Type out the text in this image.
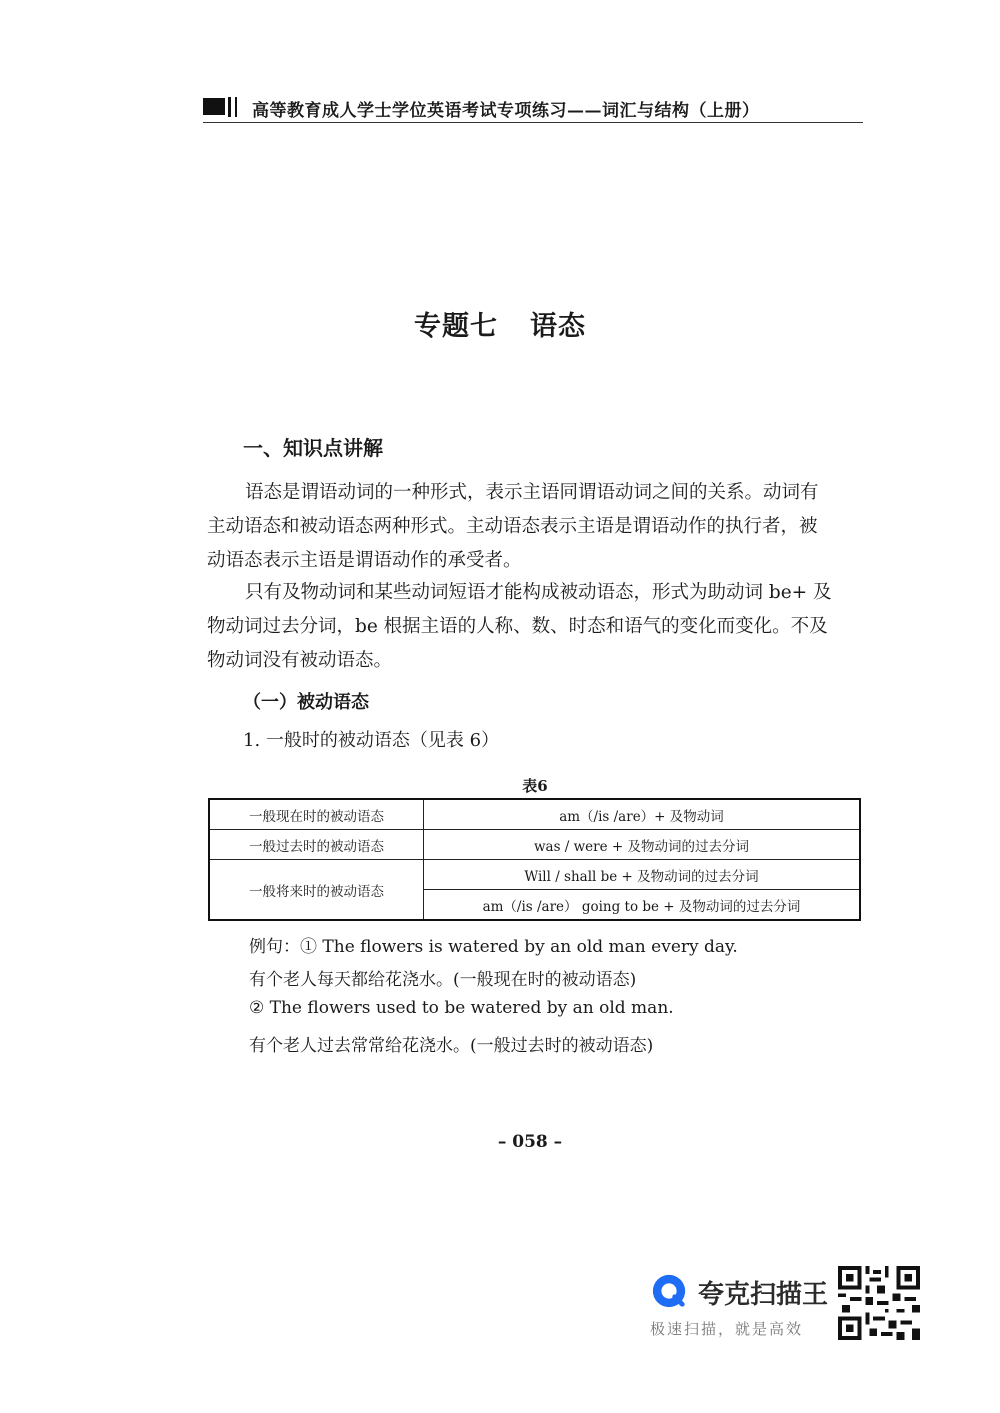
高等教育成人学士学位英语考试专项练习——词汇与结构（上册）
专题七 语态
一、知识点讲解
语态是谓语动词的一种形式，表示主语同谓语动词之间的关系。动词有
主动语态和被动语态两种形式。主动语态表示主语是谓语动作的执行者，被
动语态表示主语是谓语动作的承受者。
只有及物动词和某些动词短语才能构成被动语态，形式为助动词 be+ 及
物动词过去分词，be 根据主语的人称、数、时态和语气的变化而变化。不及
物动词没有被动语态。
（一）被动语态
1. 一般时的被动语态（见表 6）
表6
一般现在时的被动语态	am（/is /are）+ 及物动词
一般过去时的被动语态	was / were + 及物动词的过去分词
一般将来时的被动语态	Will / shall be + 及物动词的过去分词
	am（/is /are） going to be + 及物动词的过去分词
例句：① The flowers is watered by an old man every day.
有个老人每天都给花浇水。(一般现在时的被动语态)
② The flowers used to be watered by an old man.
有个老人过去常常给花浇水。(一般过去时的被动语态)
– 058 –
夸克扫描王
极速扫描，就是高效
